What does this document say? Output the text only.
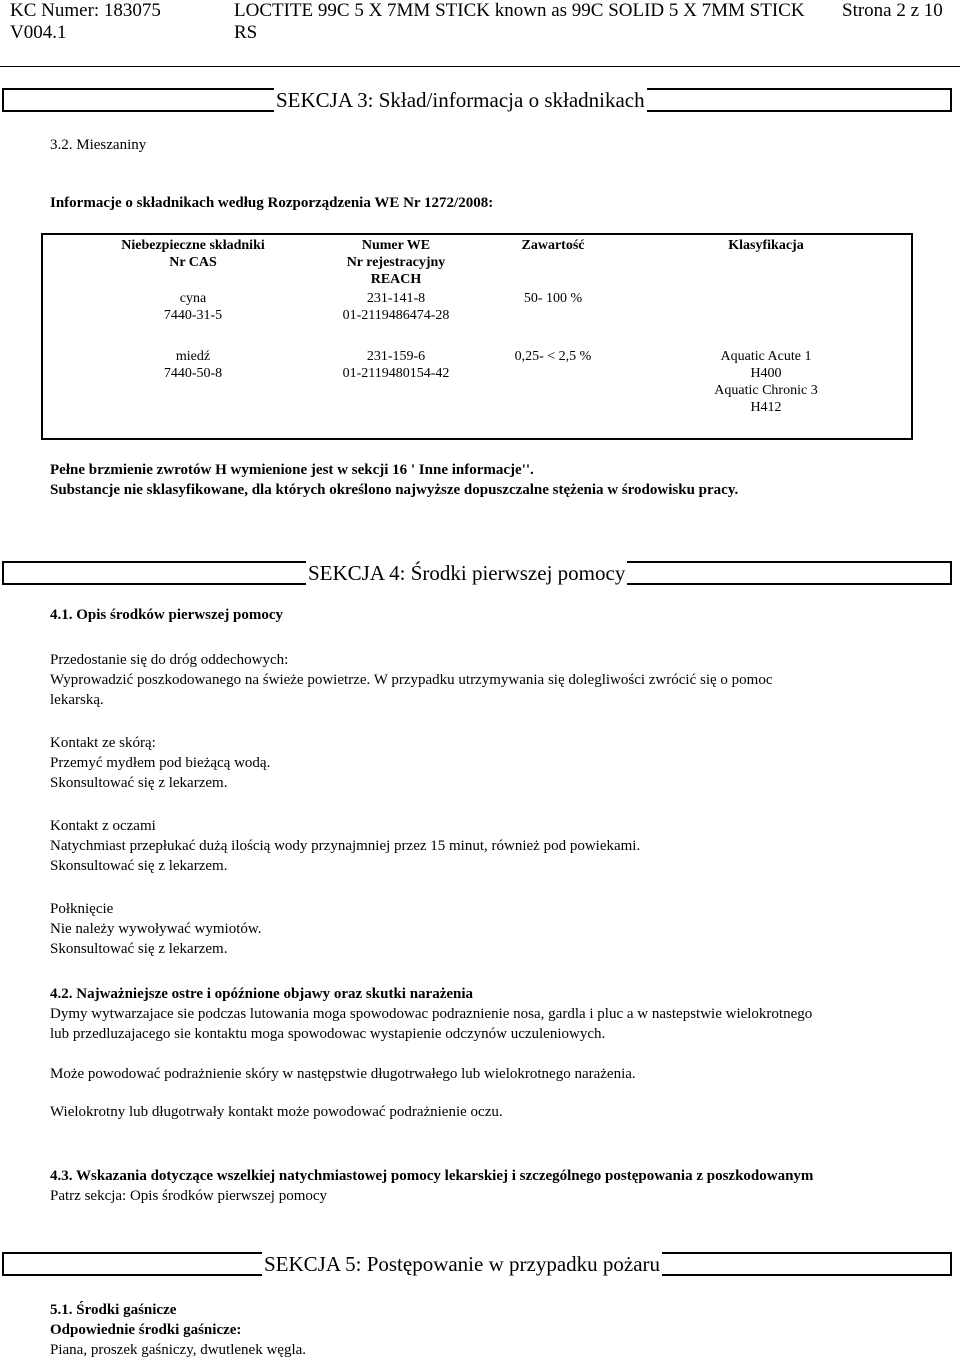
KC Numer: 183075
V004.1
LOCTITE 99C 5 X 7MM STICK known as 99C SOLID 5 X 7MM STICK
RS
Strona 2 z 10
SEKCJA 3: Skład/informacja o składnikach
3.2. Mieszaniny
Informacje o składnikach według Rozporządzenia WE Nr 1272/2008:
Niebezpieczne składniki
Nr CAS
Numer WE
Nr rejestracyjny
REACH
Zawartość	Klasyfikacja
cyna
7440-31-5
231-141-8
01-2119486474-28
50- 100 %
miedź
7440-50-8
231-159-6
01-2119480154-42
0,25- < 2,5 %	Aquatic Acute 1
H400
Aquatic Chronic 3
H412
Pełne brzmienie zwrotów H wymienione jest w sekcji 16 ' Inne informacje''.
Substancje nie sklasyfikowane, dla których określono najwyższe dopuszczalne stężenia w środowisku pracy.
SEKCJA 4: Środki pierwszej pomocy
4.1. Opis środków pierwszej pomocy
Przedostanie się do dróg oddechowych:
Wyprowadzić poszkodowanego na świeże powietrze. W przypadku utrzymywania się dolegliwości zwrócić się o pomoc
lekarską.
Kontakt ze skórą:
Przemyć mydłem pod bieżącą wodą.
Skonsultować się z lekarzem.
Kontakt z oczami
Natychmiast przepłukać dużą ilością wody przynajmniej przez 15 minut, również pod powiekami.
Skonsultować się z lekarzem.
Połknięcie
Nie należy wywoływać wymiotów.
Skonsultować się z lekarzem.
4.2. Najważniejsze ostre i opóźnione objawy oraz skutki narażenia
Dymy wytwarzajace sie podczas lutowania moga spowodowac podraznienie nosa, gardla i pluc a w nastepstwie wielokrotnego
lub przedluzajacego sie kontaktu moga spowodowac wystapienie odczynów uczuleniowych.
Może powodować podrażnienie skóry w następstwie długotrwałego lub wielokrotnego narażenia.
Wielokrotny lub długotrwały kontakt może powodować podrażnienie oczu.
4.3. Wskazania dotyczące wszelkiej natychmiastowej pomocy lekarskiej i szczególnego postępowania z poszkodowanym
Patrz sekcja: Opis środków pierwszej pomocy
SEKCJA 5: Postępowanie w przypadku pożaru
5.1. Środki gaśnicze
Odpowiednie środki gaśnicze:
Piana, proszek gaśniczy, dwutlenek węgla.
